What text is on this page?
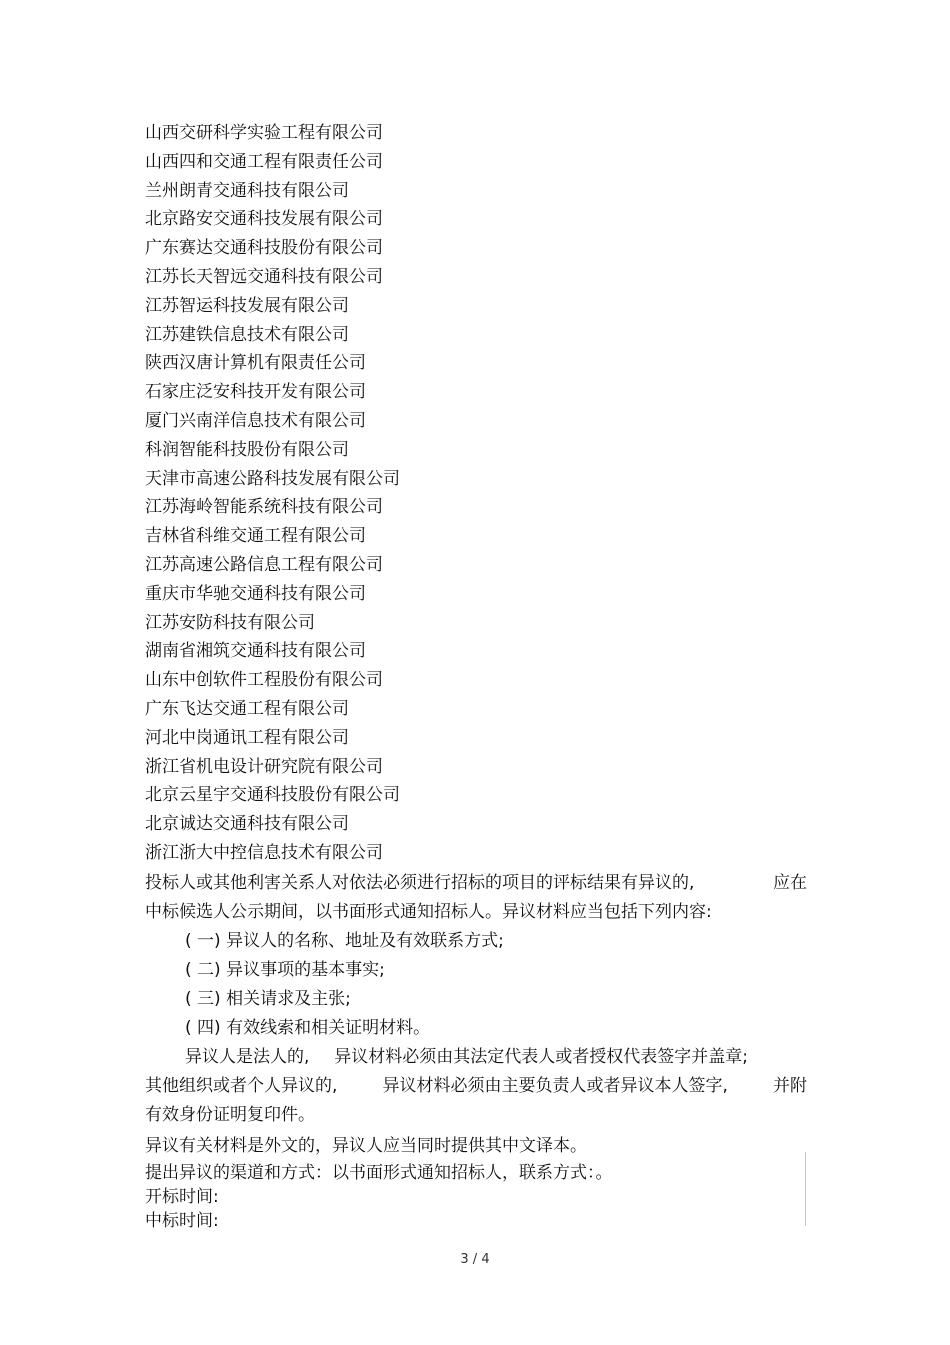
山西交研科学实验工程有限公司
山西四和交通工程有限责任公司
兰州朗青交通科技有限公司
北京路安交通科技发展有限公司
广东赛达交通科技股份有限公司
江苏长天智远交通科技有限公司
江苏智运科技发展有限公司
江苏建铁信息技术有限公司
陕西汉唐计算机有限责任公司
石家庄泛安科技开发有限公司
厦门兴南洋信息技术有限公司
科润智能科技股份有限公司
天津市高速公路科技发展有限公司
江苏海岭智能系统科技有限公司
吉林省科维交通工程有限公司
江苏高速公路信息工程有限公司
重庆市华驰交通科技有限公司
江苏安防科技有限公司
湖南省湘筑交通科技有限公司
山东中创软件工程股份有限公司
广东飞达交通工程有限公司
河北中岗通讯工程有限公司
浙江省机电设计研究院有限公司
北京云星宇交通科技股份有限公司
北京诚达交通科技有限公司
浙江浙大中控信息技术有限公司
投标人或其他利害关系人对依法必须进行招标的项目的评标结果有异议的,	应在
中标候选人公示期间，以书面形式通知招标人。异议材料应当包括下列内容:
( 一) 异议人的名称、地址及有效联系方式;
( 二) 异议事项的基本事实;
( 三) 相关请求及主张;
( 四) 有效线索和相关证明材料。
异议人是法人的, 异议材料必须由其法定代表人或者授权代表签字并盖章;
其他组织或者个人异议的,	异议材料必须由主要负责人或者异议本人签字,	并附
有效身份证明复印件。
异议有关材料是外文的，异议人应当同时提供其中文译本。
提出异议的渠道和方式：以书面形式通知招标人，联系方式：。
开标时间:
中标时间:
3 / 4
